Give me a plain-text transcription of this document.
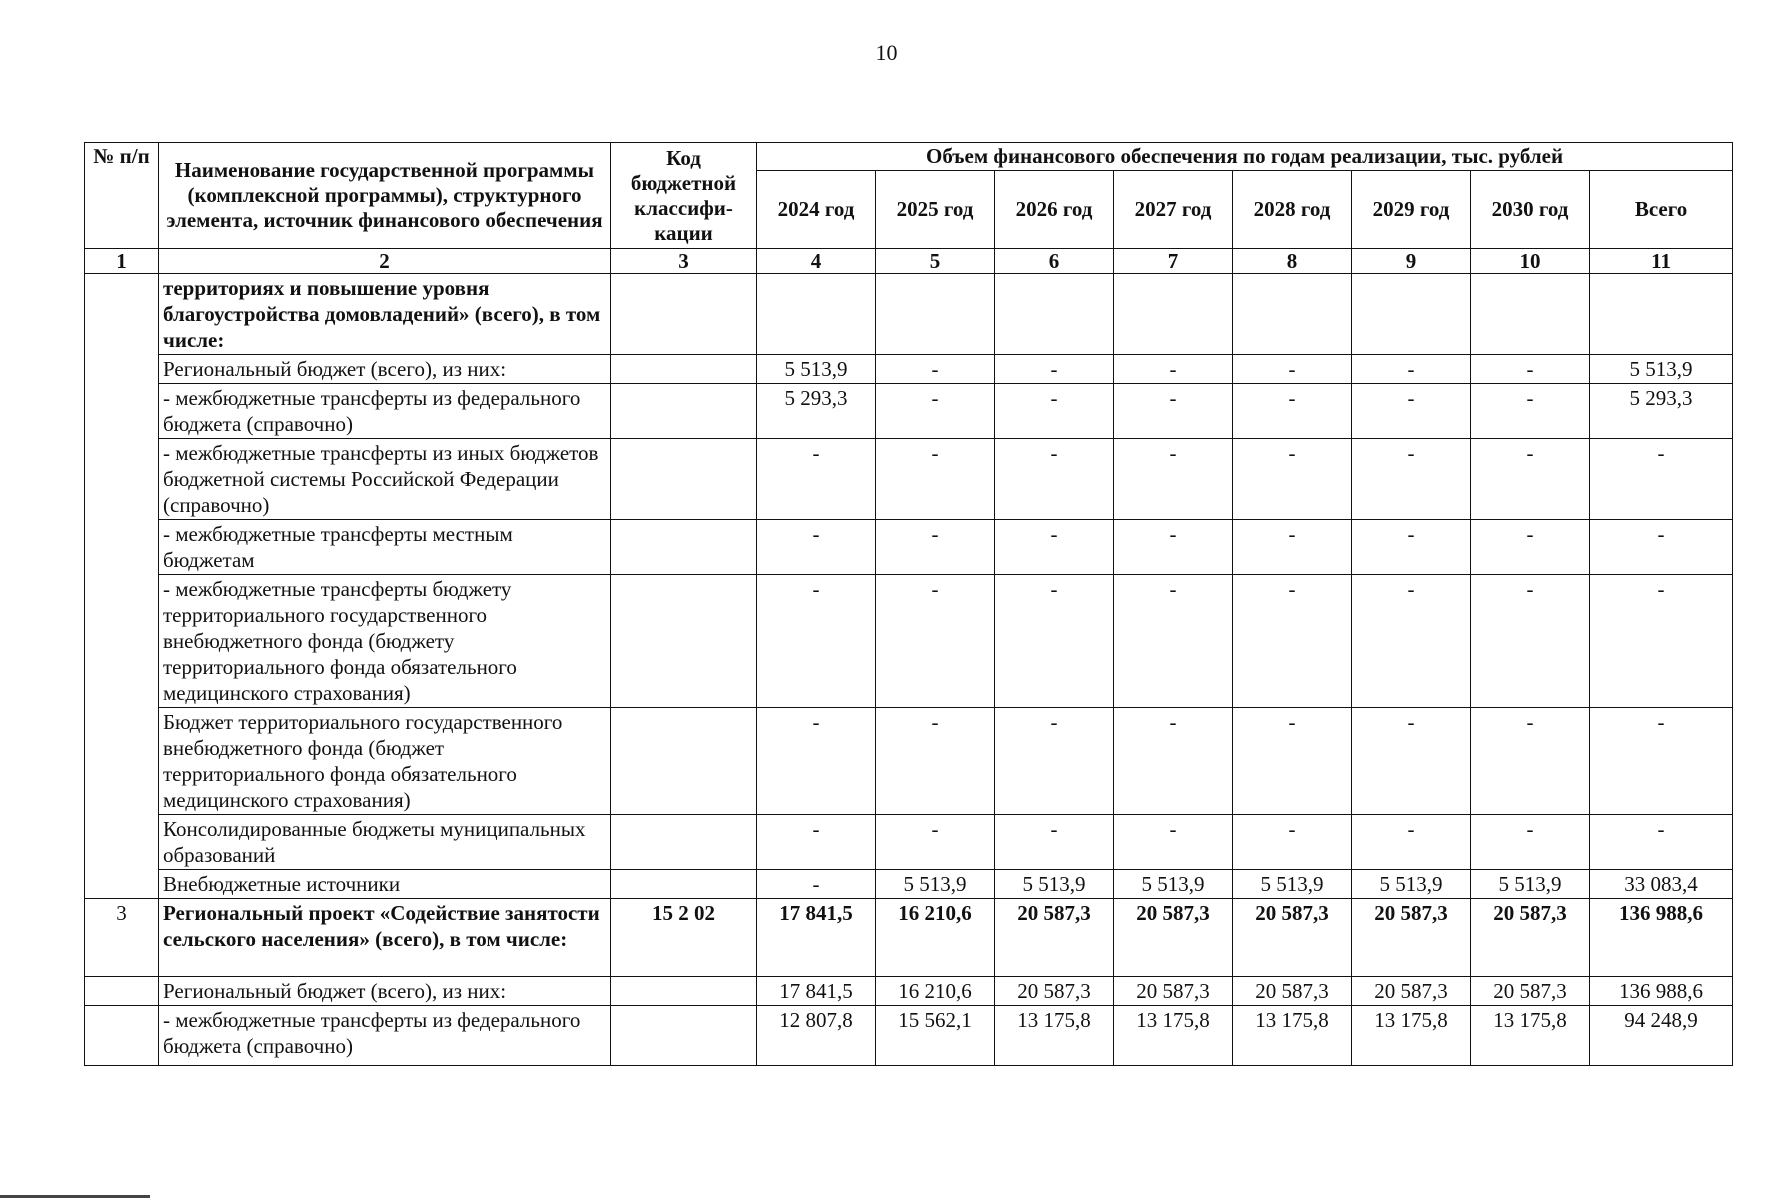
10
№ п/п	Наименование государственной программы (комплексной программы), структурного элемента, источник финансового обеспечения	Код бюджетной классифи-кации	Объем финансового обеспечения по годам реализации, тыс. рублей							
			2024 год	2025 год	2026 год	2027 год	2028 год	2029 год	2030 год	Всего
1	2	3	4	5	6	7	8	9	10	11
	территориях и повышение уровня благоустройства домовладений» (всего), в том числе:									
	Региональный бюджет (всего), из них:		5 513,9	-	-	-	-	-	-	5 513,9
	- межбюджетные трансферты из федерального бюджета (справочно)		5 293,3	-	-	-	-	-	-	5 293,3
	- межбюджетные трансферты из иных бюджетов бюджетной системы Российской Федерации (справочно)		-	-	-	-	-	-	-	-
	- межбюджетные трансферты местным бюджетам		-	-	-	-	-	-	-	-
	- межбюджетные трансферты бюджету территориального государственного внебюджетного фонда (бюджету территориального фонда обязательного медицинского страхования)		-	-	-	-	-	-	-	-
	Бюджет территориального государственного внебюджетного фонда (бюджет территориального фонда обязательного медицинского страхования)		-	-	-	-	-	-	-	-
	Консолидированные бюджеты муниципальных образований		-	-	-	-	-	-	-	-
	Внебюджетные источники		-	5 513,9	5 513,9	5 513,9	5 513,9	5 513,9	5 513,9	33 083,4
3	Региональный проект «Содействие занятости сельского населения» (всего), в том числе:	15 2 02	17 841,5	16 210,6	20 587,3	20 587,3	20 587,3	20 587,3	20 587,3	136 988,6
	Региональный бюджет (всего), из них:		17 841,5	16 210,6	20 587,3	20 587,3	20 587,3	20 587,3	20 587,3	136 988,6
	- межбюджетные трансферты из федерального бюджета (справочно)		12 807,8	15 562,1	13 175,8	13 175,8	13 175,8	13 175,8	13 175,8	94 248,9
